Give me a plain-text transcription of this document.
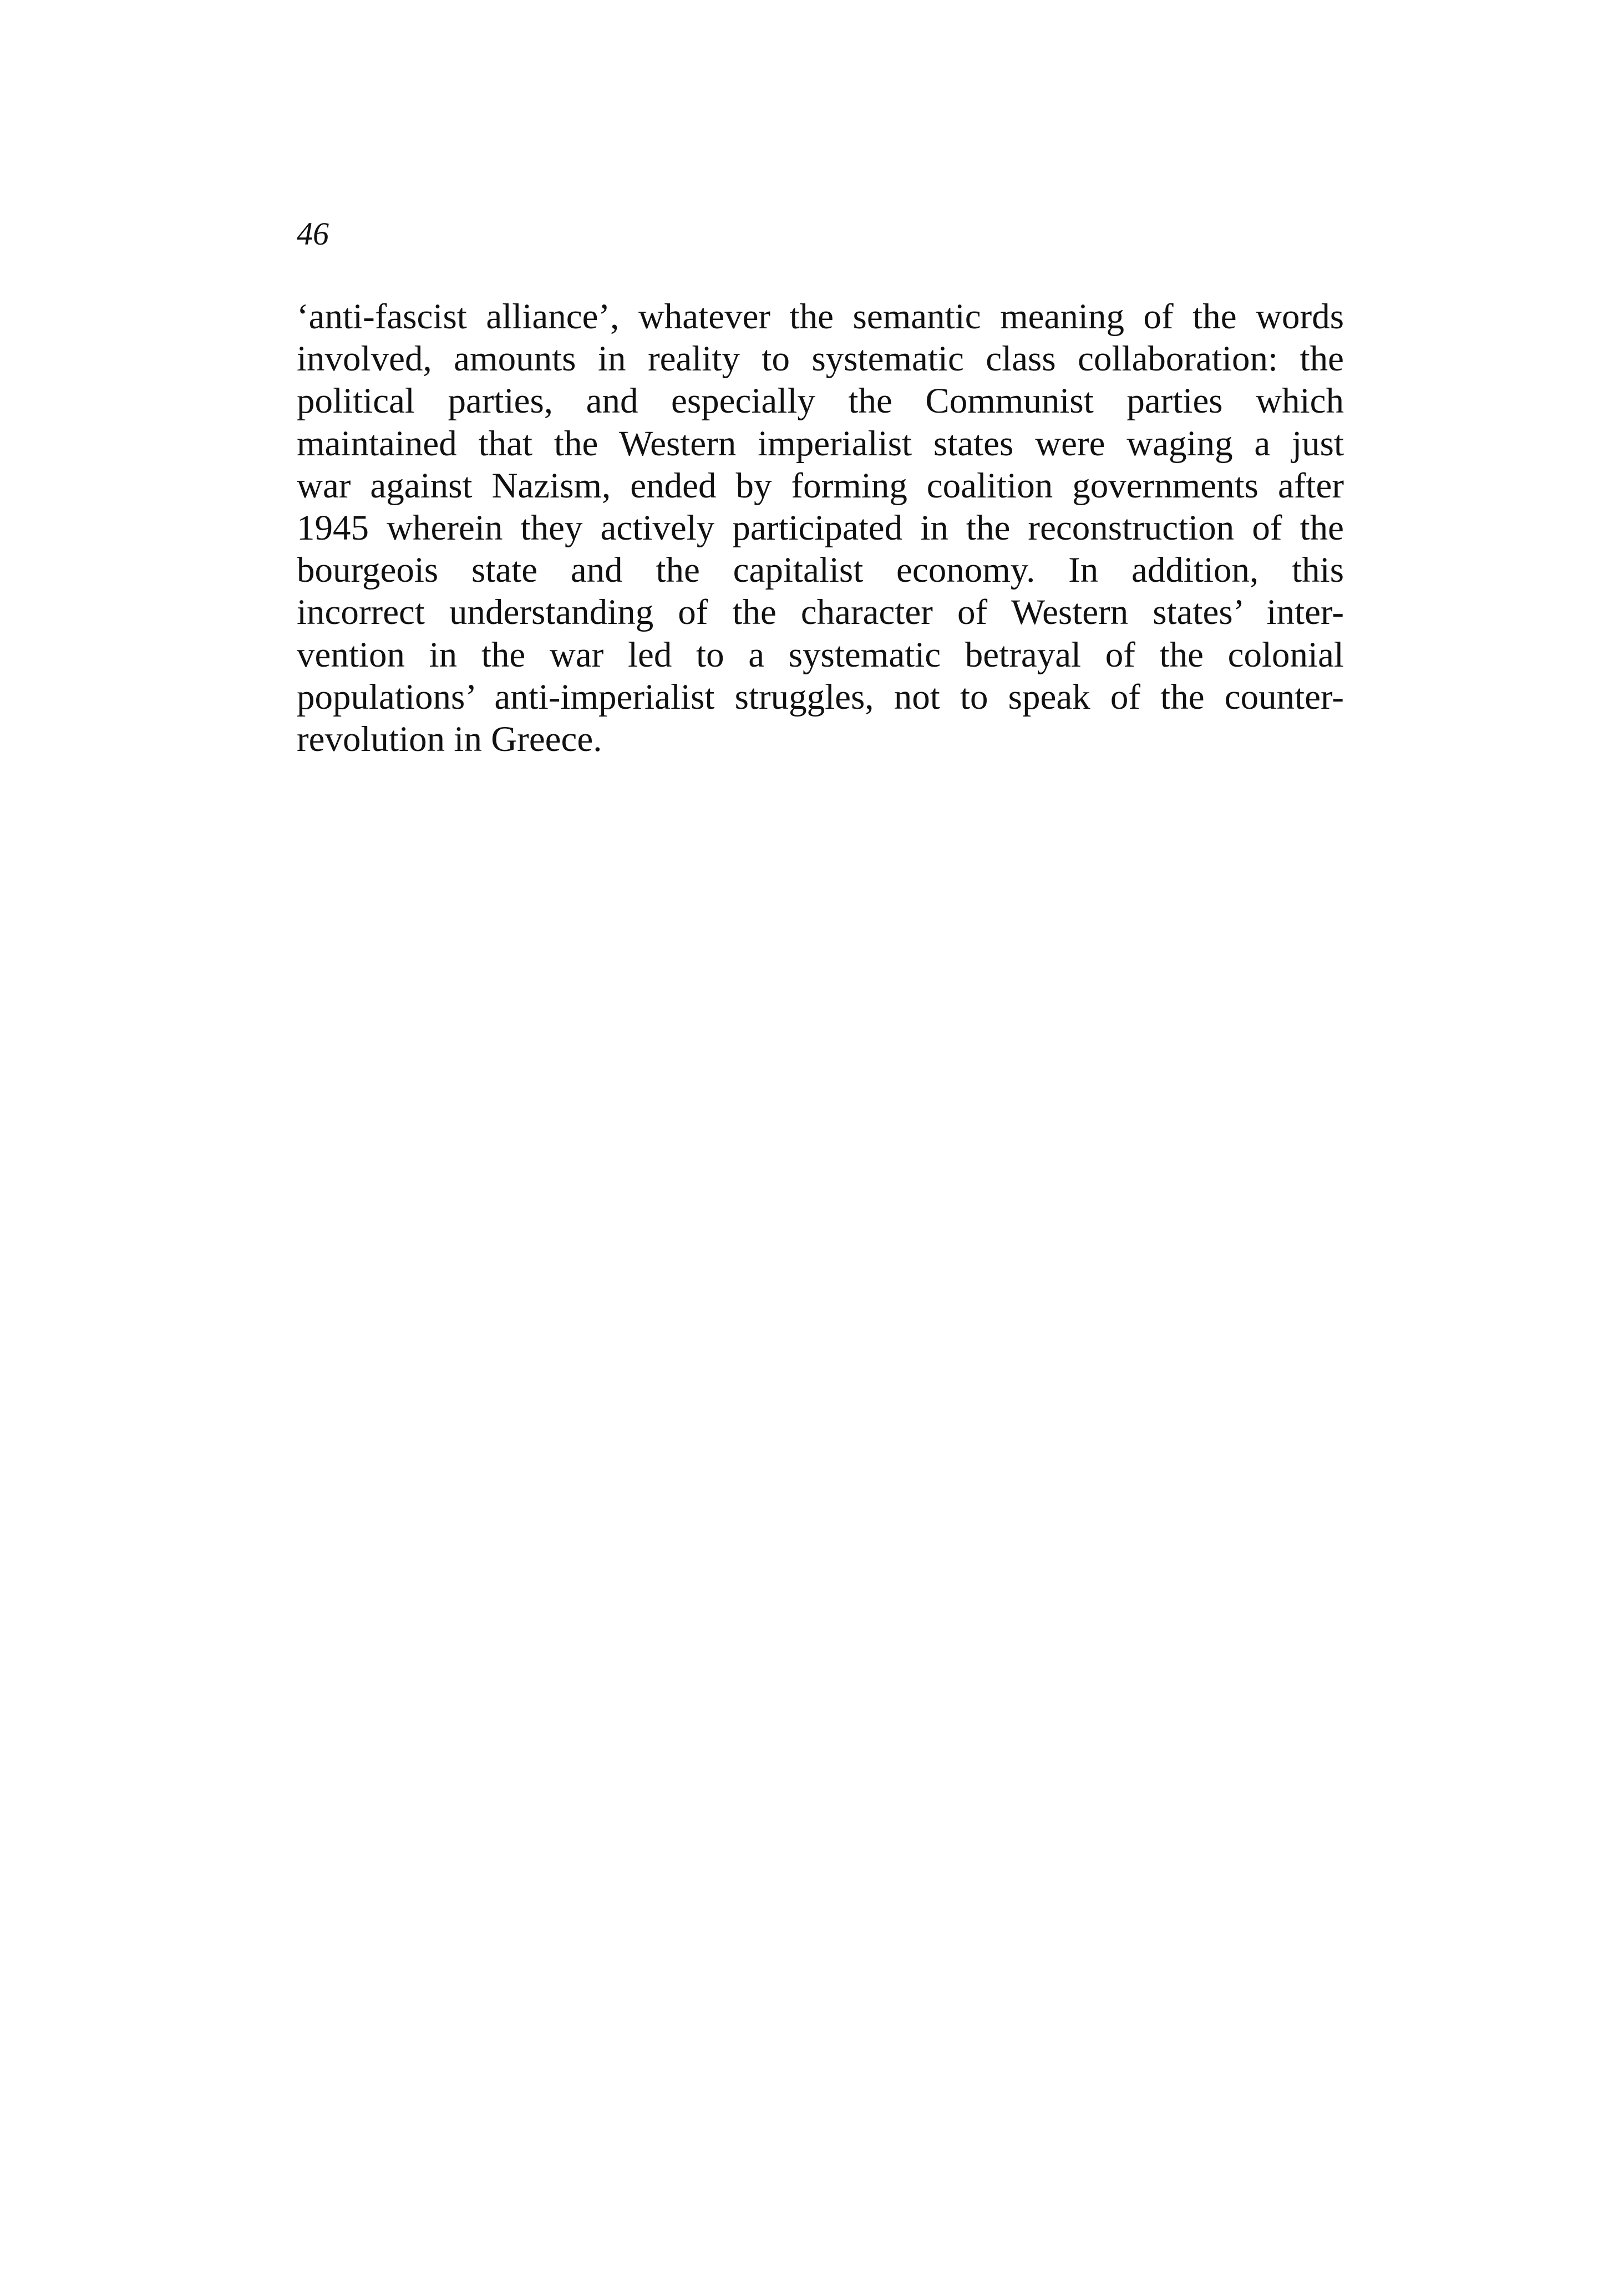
46

‘anti-fascist alliance’, whatever the semantic meaning of the words
involved, amounts in reality to systematic class collaboration: the
political parties, and especially the Communist parties which
maintained that the Western imperialist states were waging a just
war against Nazism, ended by forming coalition governments after
1945 wherein they actively participated in the reconstruction of the
bourgeois state and the capitalist economy. In addition, this
incorrect understanding of the character of Western states’ inter-
vention in the war led to a systematic betrayal of the colonial
populations’ anti-imperialist struggles, not to speak of the counter-
revolution in Greece.
